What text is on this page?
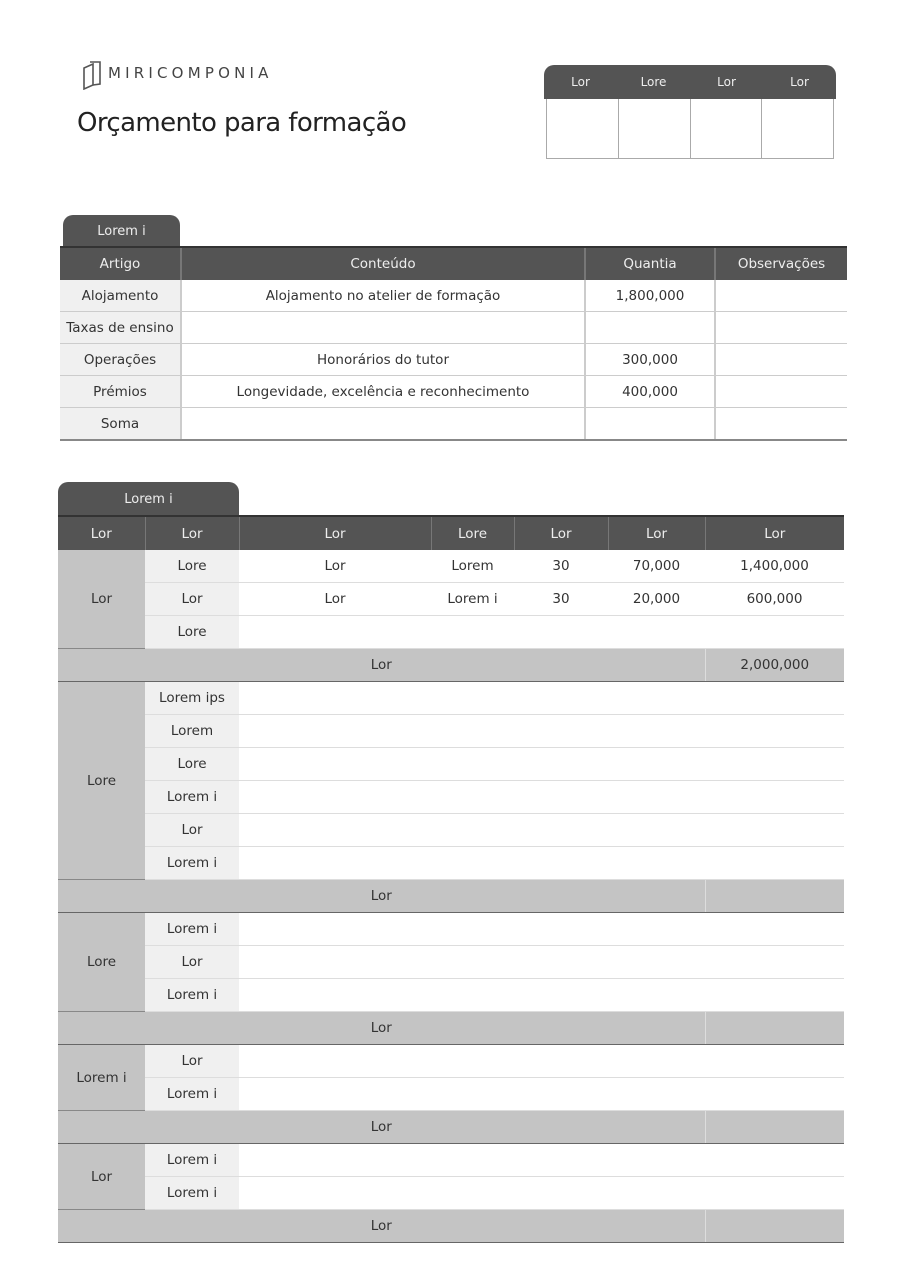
MIRICOMPONIA
Orçamento para formação
Lor	Lore	Lor	Lor
Lorem i
Artigo	Conteúdo	Quantia	Observações
Alojamento	Alojamento no atelier de formação	1,800,000	
Taxas de ensino			
Operações	Honorários do tutor	300,000	
Prémios	Longevidade, excelência e reconhecimento	400,000	
Soma			
Lorem i
Lor	Lor	Lor	Lore	Lor	Lor	Lor
Lor	Lore	Lor	Lorem	30	70,000	1,400,000
	Lor	Lor	Lorem i	30	20,000	600,000
	Lore					
Lor						2,000,000
Lore	Lorem ips					
	Lorem					
	Lore					
	Lorem i					
	Lor					
	Lorem i					
Lor						
Lore	Lorem i					
	Lor					
	Lorem i					
Lor						
Lorem i	Lor					
	Lorem i					
Lor						
Lor	Lorem i					
	Lorem i					
Lor						
